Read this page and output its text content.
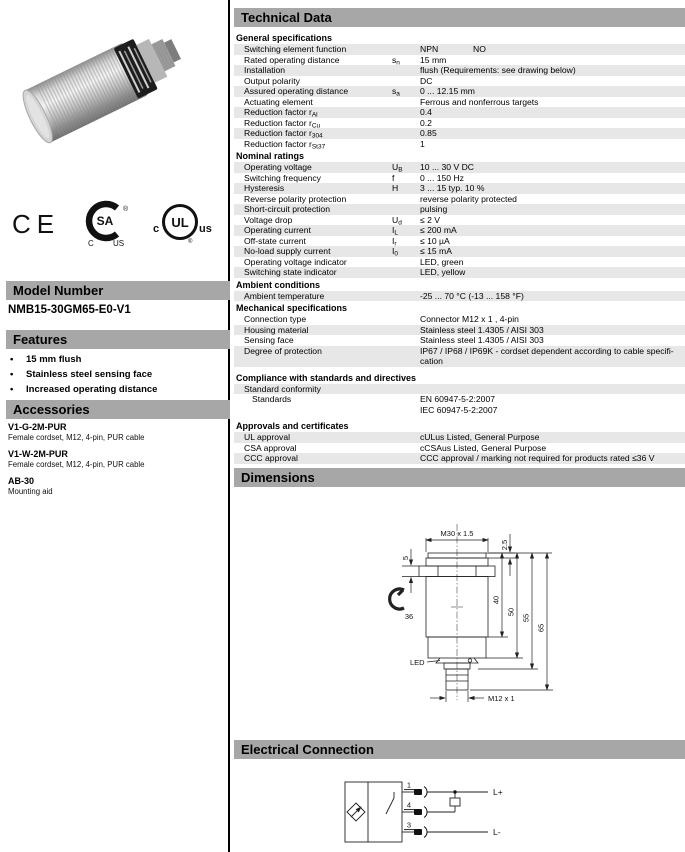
CE	SA
®
C US
UL
c	us
®
Model Number
NMB15-30GM65-E0-V1
Features
•	15 mm flush
•	Stainless steel sensing face
•	Increased operating distance
Accessories
V1-G-2M-PUR
Female cordset, M12, 4-pin, PUR cable
V1-W-2M-PUR
Female cordset, M12, 4-pin, PUR cable
AB-30
Mounting aid
Technical Data
General specifications
Switching element function	NPN	NO
Rated operating distance	$s_n$	15 mm
Installation	flush (Requirements: see drawing below)
Output polarity	DC
Assured operating distance	$s_a$	0 ... 12.15 mm
Actuating element	Ferrous and nonferrous targets
Reduction factor $r_{Al}$	0.4
Reduction factor $r_{Cu}$	0.2
Reduction factor $r_{304}$	0.85
Reduction factor $r_{St37}$	1
Nominal ratings
Operating voltage	$U_B$	10 ... 30 V DC
Switching frequency	f	0 ... 150 Hz
Hysteresis	H	3 ... 15 typ. 10 %
Reverse polarity protection	reverse polarity protected
Short-circuit protection	pulsing
Voltage drop	$U_d$	≤ 2 V
Operating current	$I_L$	≤ 200 mA
Off-state current	$I_r$	≤ 10 µA
No-load supply current	$I_0$	≤ 15 mA
Operating voltage indicator	LED, green
Switching state indicator	LED, yellow
Ambient conditions
Ambient temperature	-25 ... 70 °C (-13 ... 158 °F)
Mechanical specifications
Connection type	Connector M12 x 1 , 4-pin
Housing material	Stainless steel 1.4305 / AISI 303
Sensing face	Stainless steel 1.4305 / AISI 303
Degree of protection	IP67 / IP68 / IP69K - cordset dependent according to cable specifi-
cation
Compliance with standards and directives
Standard conformity
Standards	EN 60947-5-2:2007
IEC 60947-5-2:2007
Approvals and certificates
UL approval	cULus Listed, General Purpose
CSA approval	cCSAus Listed, General Purpose
CCC approval	CCC approval / marking not required for products rated ≤36 V
Dimensions
M30 x 1.5
2.5
5
36
40
50
55
65
LED
M12 x 1
Electrical Connection
1
4
3
L+
L-
